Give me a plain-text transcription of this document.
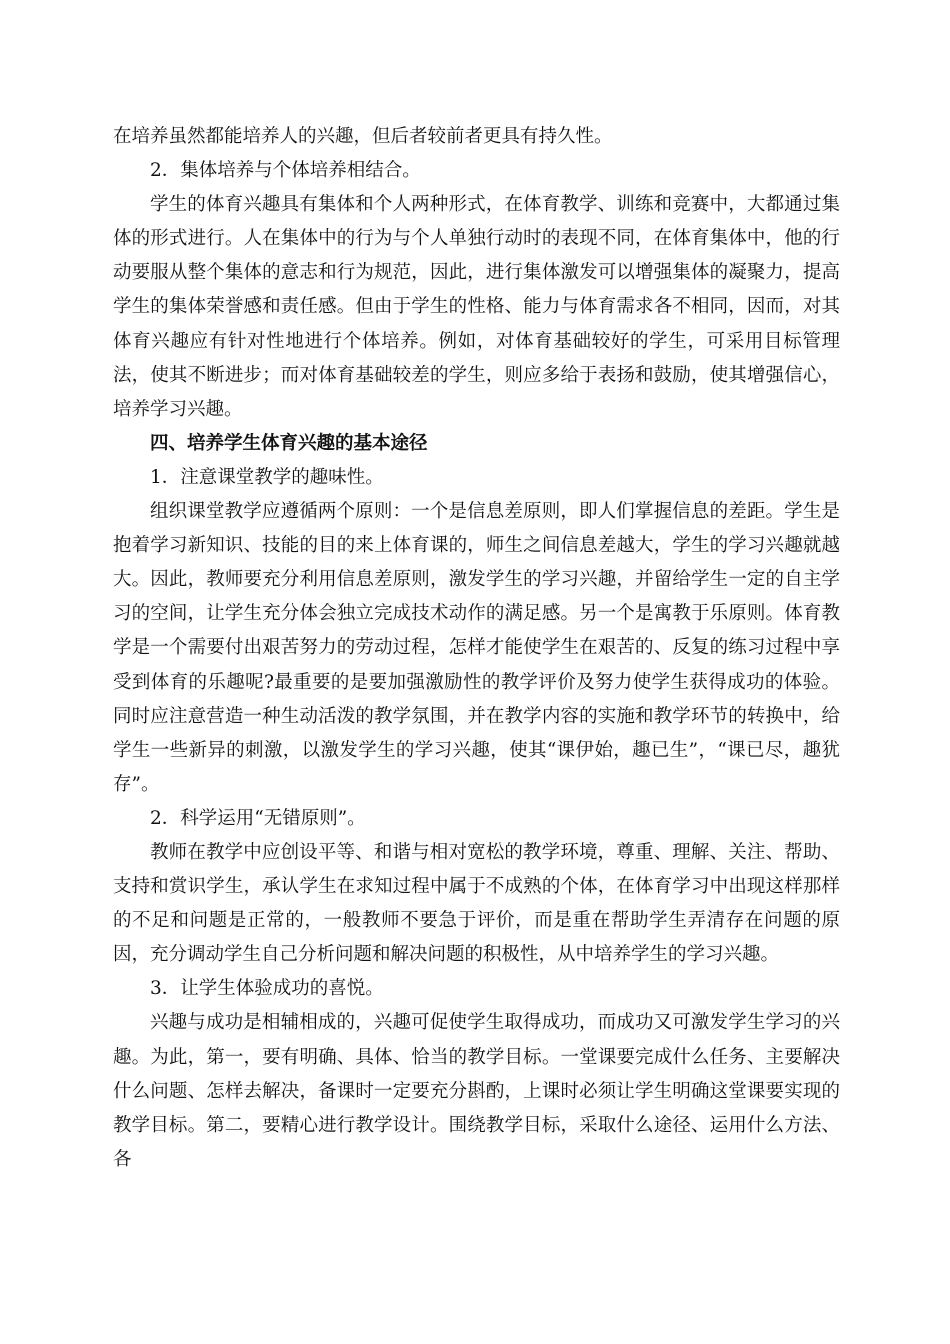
在培养虽然都能培养人的兴趣，但后者较前者更具有持久性。

2．集体培养与个体培养相结合。

学生的体育兴趣具有集体和个人两种形式，在体育教学、训练和竞赛中，大都通过集体的形式进行。人在集体中的行为与个人单独行动时的表现不同，在体育集体中，他的行动要服从整个集体的意志和行为规范，因此，进行集体激发可以增强集体的凝聚力，提高学生的集体荣誉感和责任感。但由于学生的性格、能力与体育需求各不相同，因而，对其体育兴趣应有针对性地进行个体培养。例如，对体育基础较好的学生，可采用目标管理法，使其不断进步；而对体育基础较差的学生，则应多给于表扬和鼓励，使其增强信心，培养学习兴趣。

四、培养学生体育兴趣的基本途径

1．注意课堂教学的趣味性。

组织课堂教学应遵循两个原则：一个是信息差原则，即人们掌握信息的差距。学生是抱着学习新知识、技能的目的来上体育课的，师生之间信息差越大，学生的学习兴趣就越大。因此，教师要充分利用信息差原则，激发学生的学习兴趣，并留给学生一定的自主学习的空间，让学生充分体会独立完成技术动作的满足感。另一个是寓教于乐原则。体育教学是一个需要付出艰苦努力的劳动过程，怎样才能使学生在艰苦的、反复的练习过程中享受到体育的乐趣呢?最重要的是要加强激励性的教学评价及努力使学生获得成功的体验。同时应注意营造一种生动活泼的教学氛围，并在教学内容的实施和教学环节的转换中，给学生一些新异的刺激，以激发学生的学习兴趣，使其“课伊始，趣已生”，“课已尽，趣犹存”。

2．科学运用“无错原则”。

教师在教学中应创设平等、和谐与相对宽松的教学环境，尊重、理解、关注、帮助、支持和赏识学生，承认学生在求知过程中属于不成熟的个体，在体育学习中出现这样那样的不足和问题是正常的，一般教师不要急于评价，而是重在帮助学生弄清存在问题的原因，充分调动学生自己分析问题和解决问题的积极性，从中培养学生的学习兴趣。

3．让学生体验成功的喜悦。

兴趣与成功是相辅相成的，兴趣可促使学生取得成功，而成功又可激发学生学习的兴趣。为此，第一，要有明确、具体、恰当的教学目标。一堂课要完成什么任务、主要解决什么问题、怎样去解决，备课时一定要充分斟酌，上课时必须让学生明确这堂课要实现的教学目标。第二，要精心进行教学设计。围绕教学目标，采取什么途径、运用什么方法、各
